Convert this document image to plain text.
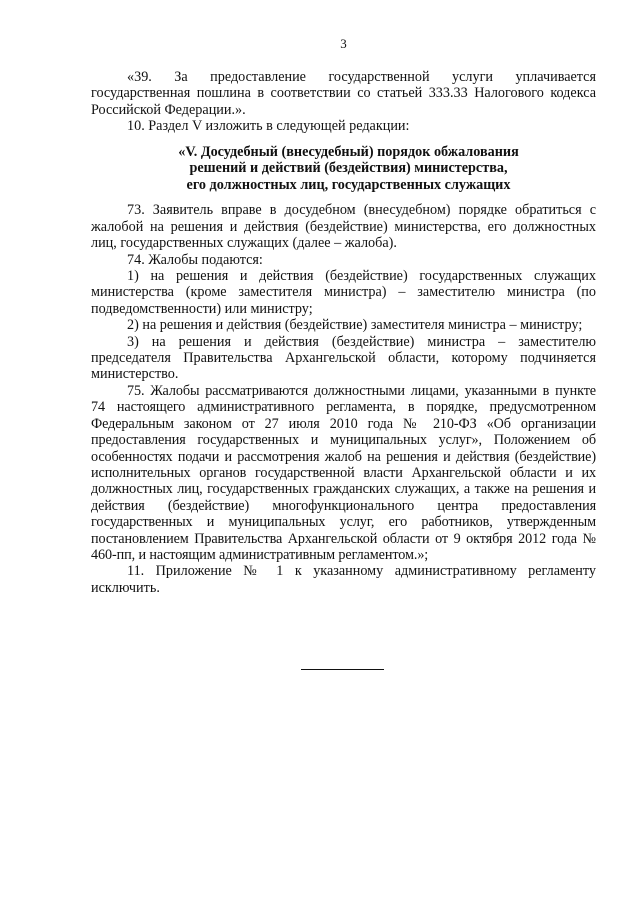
3

«39. За предоставление государственной услуги уплачивается государственная пошлина в соответствии со статьей 333.33 Налогового кодекса Российской Федерации.».

10. Раздел V изложить в следующей редакции:

«V. Досудебный (внесудебный) порядок обжалования
решений и действий (бездействия) министерства,
его должностных лиц, государственных служащих

73. Заявитель вправе в досудебном (внесудебном) порядке обратиться с жалобой на решения и действия (бездействие) министерства, его должностных лиц, государственных служащих (далее – жалоба).

74. Жалобы подаются:

1) на решения и действия (бездействие) государственных служащих министерства (кроме заместителя министра) – заместителю министра (по подведомственности) или министру;

2) на решения и действия (бездействие) заместителя министра – министру;

3) на решения и действия (бездействие) министра – заместителю председателя Правительства Архангельской области, которому подчиняется министерство.

75. Жалобы рассматриваются должностными лицами, указанными в пункте 74 настоящего административного регламента, в порядке, предусмотренном Федеральным законом от 27 июля 2010 года № 210-ФЗ «Об организации предоставления государственных и муниципальных услуг», Положением об особенностях подачи и рассмотрения жалоб на решения и действия (бездействие) исполнительных органов государственной власти Архангельской области и их должностных лиц, государственных гражданских служащих, а также на решения и действия (бездействие) многофункционального центра предоставления государственных и муниципальных услуг, его работников, утвержденным постановлением Правительства Архангельской области от 9 октября 2012 года № 460-пп, и настоящим административным регламентом.»;

11. Приложение № 1 к указанному административному регламенту исключить.
